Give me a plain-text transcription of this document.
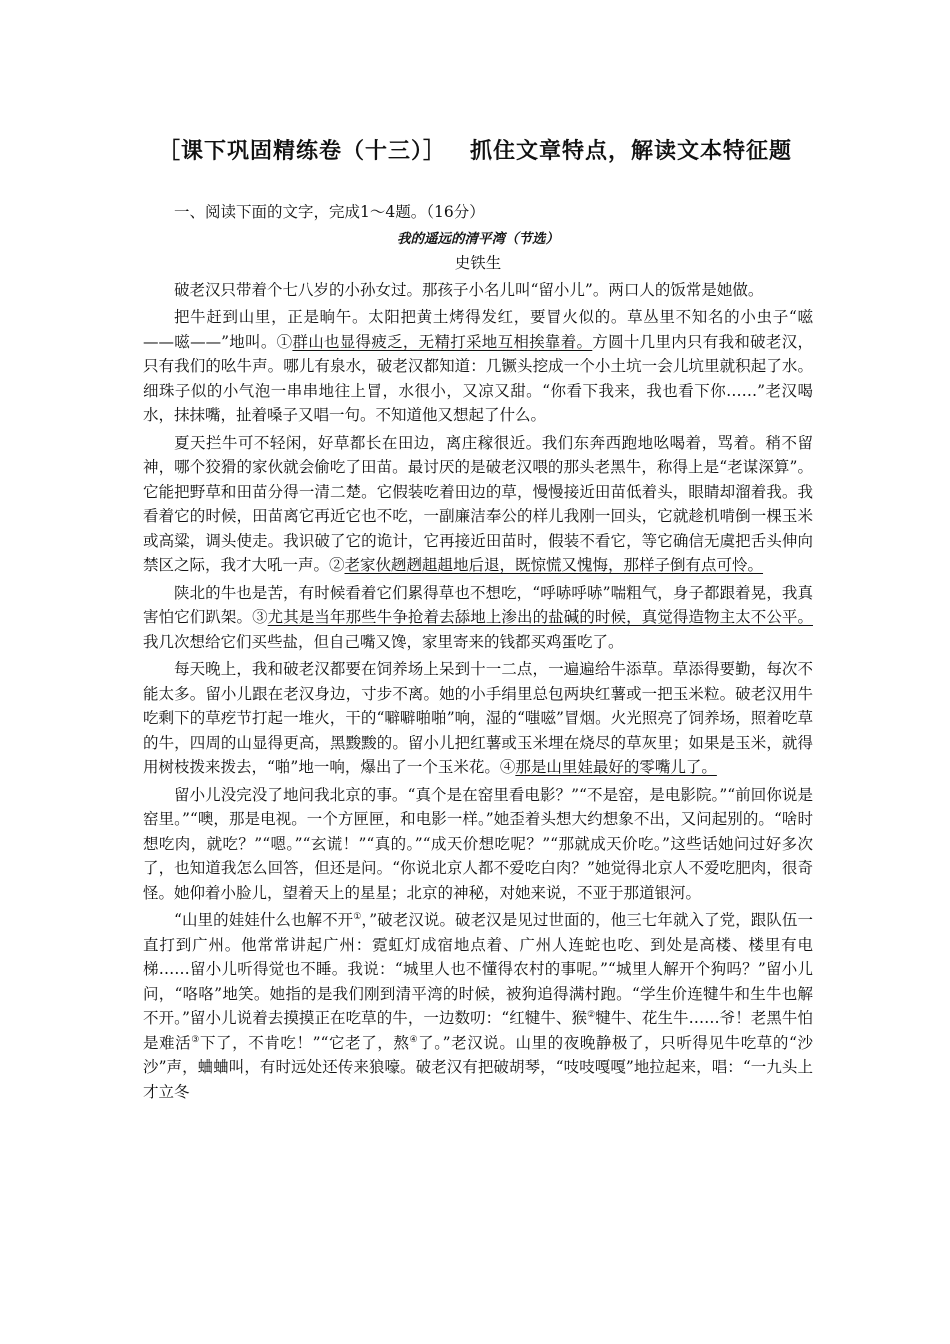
［课下巩固精练卷（十三）］ 抓住文章特点，解读文本特征题

　　一、阅读下面的文字，完成1～4题。（16分）

我的遥远的清平湾（节选）

史铁生

破老汉只带着个七八岁的小孙女过。那孩子小名儿叫“留小儿”。两口人的饭常是她做。

把牛赶到山里，正是晌午。太阳把黄土烤得发红，要冒火似的。草丛里不知名的小虫子“嗞——嗞——”地叫。①群山也显得疲乏，无精打采地互相挨靠着。方圆十几里内只有我和破老汉，只有我们的吆牛声。哪儿有泉水，破老汉都知道：几镢头挖成一个小土坑一会儿坑里就积起了水。细珠子似的小气泡一串串地往上冒，水很小，又凉又甜。“你看下我来，我也看下你……”老汉喝水，抹抹嘴，扯着嗓子又唱一句。不知道他又想起了什么。

夏天拦牛可不轻闲，好草都长在田边，离庄稼很近。我们东奔西跑地吆喝着，骂着。稍不留神，哪个狡猾的家伙就会偷吃了田苗。最讨厌的是破老汉喂的那头老黑牛，称得上是“老谋深算”。它能把野草和田苗分得一清二楚。它假装吃着田边的草，慢慢接近田苗低着头，眼睛却溜着我。我看着它的时候，田苗离它再近它也不吃，一副廉洁奉公的样儿我刚一回头，它就趁机啃倒一棵玉米或高粱，调头使走。我识破了它的诡计，它再接近田苗时，假装不看它，等它确信无虞把舌头伸向禁区之际，我才大吼一声。②老家伙趔趔趄趄地后退，既惊慌又愧悔，那样子倒有点可怜。

陕北的牛也是苦，有时候看着它们累得草也不想吃，“呼哧呼哧”喘粗气，身子都跟着晃，我真害怕它们趴架。③尤其是当年那些牛争抢着去舔地上渗出的盐碱的时候，真觉得造物主太不公平。我几次想给它们买些盐，但自己嘴又馋，家里寄来的钱都买鸡蛋吃了。

每天晚上，我和破老汉都要在饲养场上呆到十一二点，一遍遍给牛添草。草添得要勤，每次不能太多。留小儿跟在老汉身边，寸步不离。她的小手绢里总包两块红薯或一把玉米粒。破老汉用牛吃剩下的草疙节打起一堆火，干的“噼噼啪啪”响，湿的“嗤嗞”冒烟。火光照亮了饲养场，照着吃草的牛，四周的山显得更高，黑黢黢的。留小儿把红薯或玉米埋在烧尽的草灰里；如果是玉米，就得用树枝拨来拨去，“啪”地一响，爆出了一个玉米花。④那是山里娃最好的零嘴儿了。

留小儿没完没了地问我北京的事。“真个是在窑里看电影？”“不是窑，是电影院。”“前回你说是窑里。”“噢，那是电视。一个方匣匣，和电影一样。”她歪着头想大约想象不出，又问起别的。“啥时想吃肉，就吃？”“嗯。”“玄谎！”“真的。”“成天价想吃呢？”“那就成天价吃。”这些话她问过好多次了，也知道我怎么回答，但还是问。“你说北京人都不爱吃白肉？”她觉得北京人不爱吃肥肉，很奇怪。她仰着小脸儿，望着天上的星星；北京的神秘，对她来说，不亚于那道银河。

“山里的娃娃什么也解不开①，”破老汉说。破老汉是见过世面的，他三七年就入了党，跟队伍一直打到广州。他常常讲起广州：霓虹灯成宿地点着、广州人连蛇也吃、到处是高楼、楼里有电梯……留小儿听得觉也不睡。我说：“城里人也不懂得农村的事呢。”“城里人解开个狗吗？”留小儿问，“咯咯”地笑。她指的是我们刚到清平湾的时候，被狗追得满村跑。“学生价连犍牛和生牛也解不开。”留小儿说着去摸摸正在吃草的牛，一边数叨：“红犍牛、猴②犍牛、花生牛……爷！老黑牛怕是难活③下了，不肯吃！”“它老了，熬④了。”老汉说。山里的夜晚静极了，只听得见牛吃草的“沙沙”声，蛐蛐叫，有时远处还传来狼嚎。破老汉有把破胡琴，“吱吱嘎嘎”地拉起来，唱：“一九头上才立冬
